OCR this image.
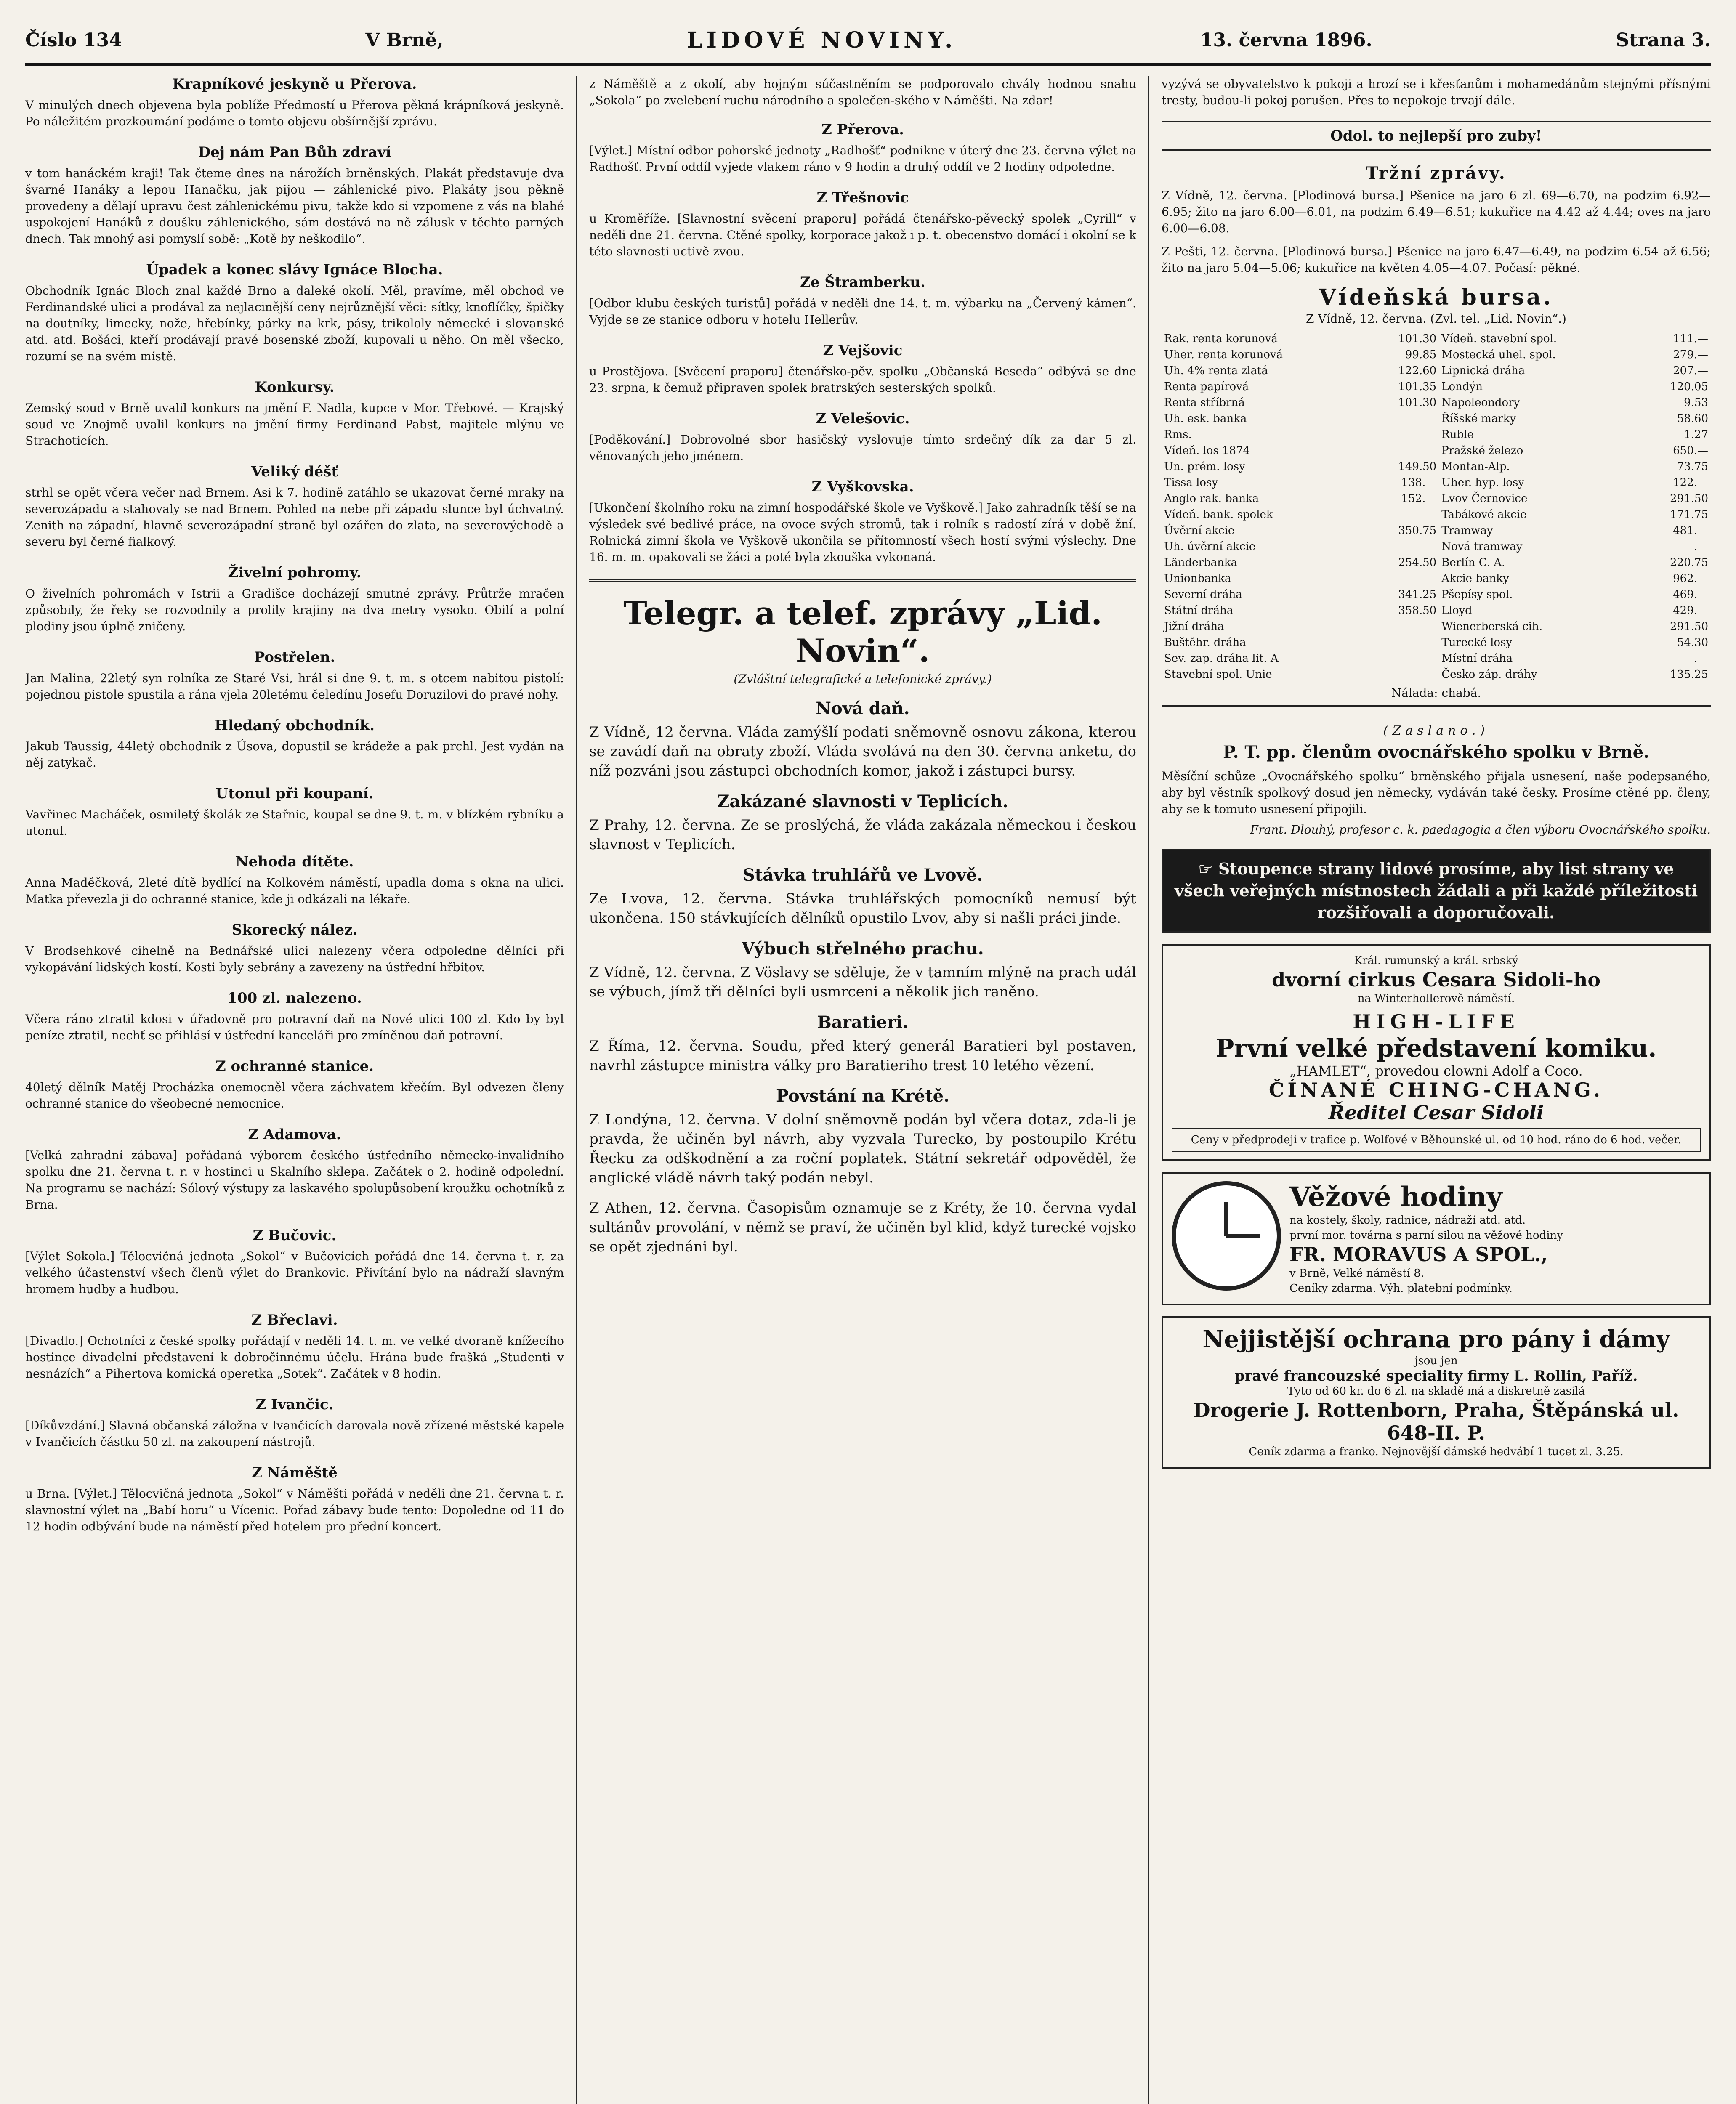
Číslo 134	V Brně,	LIDOVÉ NOVINY.	13. června 1896.	Strana 3.
Krapníkové jeskyně u Přerova.

V minulých dnech objevena byla poblíže Předmostí u Přerova pěkná krápníková jeskyně. Po náležitém prozkoumání podáme o tomto objevu obšírnější zprávu.

Dej nám Pan Bůh zdraví

v tom hanáckém kraji! Tak čteme dnes na nárožích brněnských. Plakát představuje dva švarné Hanáky a lepou Hanačku, jak pijou — záhlenické pivo. Plakáty jsou pěkně provedeny a dělají upravu čest záhlenickému pivu, takže kdo si vzpomene z vás na blahé uspokojení Hanáků z doušku záhlenického, sám dostává na ně zálusk v těchto parných dnech. Tak mnohý asi pomyslí sobě: „Kotě by neškodilo“.

Úpadek a konec slávy Ignáce Blocha.

Obchodník Ignác Bloch znal každé Brno a daleké okolí. Měl, pravíme, měl obchod ve Ferdinandské ulici a prodával za nejlacinější ceny nejrůznější věci: sítky, knoflíčky, špičky na doutníky, limecky, nože, hřebínky, párky na krk, pásy, trikololy německé i slovanské atd. atd. Bošáci, kteří prodávají pravé bosenské zboží, kupovali u něho. On měl všecko, rozumí se na svém místě.

Konkursy.

Zemský soud v Brně uvalil konkurs na jmění F. Nadla, kupce v Mor. Třebové. — Krajský soud ve Znojmě uvalil konkurs na jmění firmy Ferdinand Pabst, majitele mlýnu ve Strachoticích.

Veliký déšť

strhl se opět včera večer nad Brnem. Asi k 7. hodině zatáhlo se ukazovat černé mraky na severozápadu a stahovaly se nad Brnem. Pohled na nebe při západu slunce byl úchvatný. Zenith na západní, hlavně severozápadní straně byl ozářen do zlata, na severovýchodě a severu byl černé fialkový.

Živelní pohromy.

O živelních pohromách v Istrii a Gradišce docházejí smutné zprávy. Průtrže mračen způsobily, že řeky se rozvodnily a prolily krajiny na dva metry vysoko. Obilí a polní plodiny jsou úplně zničeny.

Postřelen.

Jan Malina, 22letý syn rolníka ze Staré Vsi, hrál si dne 9. t. m. s otcem nabitou pistolí: pojednou pistole spustila a rána vjela 20letému čeledínu Josefu Doruzilovi do pravé nohy.

Hledaný obchodník.

Jakub Taussig, 44letý obchodník z Úsova, dopustil se krádeže a pak prchl. Jest vydán na něj zatykač.

Utonul při koupaní.

Vavřinec Macháček, osmiletý školák ze Stařnic, koupal se dne 9. t. m. v blízkém rybníku a utonul.

Nehoda dítěte.

Anna Maděčková, 2leté dítě bydlící na Kolkovém náměstí, upadla doma s okna na ulici. Matka převezla ji do ochranné stanice, kde ji odkázali na lékaře.

Skorecký nález.

V Brodsehkové cihelně na Bednářské ulici nalezeny včera odpoledne dělníci při vykopávání lidských kostí. Kosti byly sebrány a zavezeny na ústřední hřbitov.

100 zl. nalezeno.

Včera ráno ztratil kdosi v úřadovně pro potravní daň na Nové ulici 100 zl. Kdo by byl peníze ztratil, nechť se přihlásí v ústřední kanceláři pro zmíněnou daň potravní.

Z ochranné stanice.

40letý dělník Matěj Procházka onemocněl včera záchvatem křečím. Byl odvezen členy ochranné stanice do všeobecné nemocnice.

Z Adamova.

[Velká zahradní zábava] pořádaná výborem českého ústředního německo-invalidního spolku dne 21. června t. r. v hostinci u Skalního sklepa. Začátek o 2. hodině odpolední. Na programu se nachází: Sólový výstupy za laskavého spolupůsobení kroužku ochotníků z Brna.

Z Bučovic.

[Výlet Sokola.] Tělocvičná jednota „Sokol“ v Bučovicích pořádá dne 14. června t. r. za velkého účastenství všech členů výlet do Brankovic. Přivítání bylo na nádraží slavným hromem hudby a hudbou.

Z Břeclavi.

[Divadlo.] Ochotníci z české spolky pořádají v neděli 14. t. m. ve velké dvoraně knížecího hostince divadelní představení k dobročinnému účelu. Hrána bude frašká „Studenti v nesnázích“ a Pihertova komická operetka „Sotek“. Začátek v 8 hodin.

Z Ivančic.

[Díkůvzdání.] Slavná občanská záložna v Ivančicích darovala nově zřízené městské kapele v Ivančicích částku 50 zl. na zakoupení nástrojů.

Z Náměště

u Brna. [Výlet.] Tělocvičná jednota „Sokol“ v Náměšti pořádá v neděli dne 21. června t. r. slavnostní výlet na „Babí horu“ u Vícenic. Pořad zábavy bude tento: Dopoledne od 11 do 12 hodin odbývání bude na náměstí před hotelem pro přední koncert.

z Náměště a z okolí, aby hojným súčastněním se podporovalo chvály hodnou snahu „Sokola“ po zvelebení ruchu národního a společen-ského v Náměšti. Na zdar!

Z Přerova.

[Výlet.] Místní odbor pohorské jednoty „Radhošť“ podnikne v úterý dne 23. června výlet na Radhošť. První oddíl vyjede vlakem ráno v 9 hodin a druhý oddíl ve 2 hodiny odpoledne.

Z Třešnovic

u Kroměříže. [Slavnostní svěcení praporu] pořádá čtenářsko-pěvecký spolek „Cyrill“ v neděli dne 21. června. Ctěné spolky, korporace jakož i p. t. obecenstvo domácí i okolní se k této slavnosti uctivě zvou.

Ze Štramberku.

[Odbor klubu českých turistů] pořádá v neděli dne 14. t. m. výbarku na „Červený kámen“. Vyjde se ze stanice odboru v hotelu Hellerův.

Z Vejšovic

u Prostějova. [Svěcení praporu] čtenářsko-pěv. spolku „Občanská Beseda“ odbývá se dne 23. srpna, k čemuž připraven spolek bratrských sesterských spolků.

Z Velešovic.

[Poděkování.] Dobrovolné sbor hasičský vyslovuje tímto srdečný dík za dar 5 zl. věnovaných jeho jménem.

Z Vyškovska.

[Ukončení školního roku na zimní hospodářské škole ve Vyškově.] Jako zahradník těší se na výsledek své bedlivé práce, na ovoce svých stromů, tak i rolník s radostí zírá v době žní. Rolnická zimní škola ve Vyškově ukončila se přítomností všech hostí svými výslechy. Dne 16. m. m. opakovali se žáci a poté byla zkouška vykonaná.

Telegr. a telef. zprávy „Lid. Novin“.
(Zvláštní telegrafické a telefonické zprávy.)
Nová daň.

Z Vídně, 12 června. Vláda zamýšlí podati sněmovně osnovu zákona, kterou se zavádí daň na obraty zboží. Vláda svolává na den 30. června anketu, do níž pozváni jsou zástupci obchodních komor, jakož i zástupci bursy.

Zakázané slavnosti v Teplicích.

Z Prahy, 12. června. Ze se proslýchá, že vláda zakázala německou i českou slavnost v Teplicích.

Stávka truhlářů ve Lvově.

Ze Lvova, 12. června. Stávka truhlářských pomocníků nemusí být ukončena. 150 stávkujících dělníků opustilo Lvov, aby si našli práci jinde.

Výbuch střelného prachu.

Z Vídně, 12. června. Z Vöslavy se sděluje, že v tamním mlýně na prach udál se výbuch, jímž tři dělníci byli usmrceni a několik jich raněno.

Baratieri.

Z Říma, 12. června. Soudu, před který generál Baratieri byl postaven, navrhl zástupce ministra války pro Baratieriho trest 10 letého vězení.

Povstání na Krétě.

Z Londýna, 12. června. V dolní sněmovně podán byl včera dotaz, zda-li je pravda, že učiněn byl návrh, aby vyzvala Turecko, by postoupilo Krétu Řecku za odškodnění a za roční poplatek. Státní sekretář odpověděl, že anglické vládě návrh taký podán nebyl.

Z Athen, 12. června. Časopisům oznamuje se z Kréty, že 10. června vydal sultánův provolání, v němž se praví, že učiněn byl klid, když turecké vojsko se opět zjednáni byl.

vyzývá se obyvatelstvo k pokoji a hrozí se i křesťanům i mohamedánům stejnými přísnými tresty, budou-li pokoj porušen. Přes to nepokoje trvají dále.

Odol. to nejlepší pro zuby!
Tržní zprávy.

Z Vídně, 12. června. [Plodinová bursa.] Pšenice na jaro 6 zl. 69—6.70, na podzim 6.92—6.95; žito na jaro 6.00—6.01, na podzim 6.49—6.51; kukuřice na 4.42 až 4.44; oves na jaro 6.00—6.08.

Z Pešti, 12. června. [Plodinová bursa.] Pšenice na jaro 6.47—6.49, na podzim 6.54 až 6.56; žito na jaro 5.04—5.06; kukuřice na květen 4.05—4.07. Počasí: pěkné.

Vídeňská bursa.
Z Vídně, 12. června. (Zvl. tel. „Lid. Novin“.)
Rak. renta korunová	101.30	Vídeň. stavební spol.	111.—
Uher. renta korunová	99.85	Mostecká uhel. spol.	279.—
Uh. 4% renta zlatá	122.60	Lipnická dráha	207.—
Renta papírová	101.35	Londýn	120.05
Renta stříbrná	101.30	Napoleondory	9.53
Uh. esk. banka		Říšské marky	58.60
Rms.		Ruble	1.27
Vídeň. los 1874		Pražské železo	650.—
Un. prém. losy	149.50	Montan-Alp.	73.75
Tissa losy	138.—	Uher. hyp. losy	122.—
Anglo-rak. banka	152.—	Lvov-Černovice	291.50
Vídeň. bank. spolek		Tabákové akcie	171.75
Úvěrní akcie	350.75	Tramway	481.—
Uh. úvěrní akcie		Nová tramway	—.—
Länderbanka	254.50	Berlín C. A.	220.75
Unionbanka		Akcie banky	962.—
Severní dráha	341.25	Pšepísy spol.	469.—
Státní dráha	358.50	Lloyd	429.—
Jižní dráha		Wienerberská cih.	291.50
Buštěhr. dráha		Turecké losy	54.30
Sev.-zap. dráha lit. A		Místní dráha	—.—
Stavební spol. Unie		Česko-záp. dráhy	135.25
Nálada: chabá.
(Zaslano.)
P. T. pp. členům ovocnářského spolku v Brně.

Měsíční schůze „Ovocnářského spolku“ brněnského přijala usnesení, naše podepsaného, aby byl věstník spolkový dosud jen německy, vydáván také česky. Prosíme ctěné pp. členy, aby se k tomuto usnesení připojili.

Frant. Dlouhý, profesor c. k. paedagogia a člen výboru Ovocnářského spolku.

☞ Stoupence strany lidové prosíme, aby list strany ve všech veřejných místnostech žádali a při každé příležitosti rozšiřovali a doporučovali.
Král. rumunský a král. srbský
dvorní cirkus Cesara Sidoli-ho
na Winterhollerově náměstí.
HIGH-LIFE
První velké představení komiku.
„HAMLET“, provedou clowni Adolf a Coco.
ČÍNANÉ CHING-CHANG.
Ředitel Cesar Sidoli
Ceny v předprodeji v trafice p. Wolfové v Běhounské ul. od 10 hod. ráno do 6 hod. večer.
Věžové hodiny
na kostely, školy, radnice, nádraží atd. atd.
první mor. továrna s parní silou na věžové hodiny
FR. MORAVUS A SPOL.,
v Brně, Velké náměstí 8.
Ceníky zdarma. Výh. platební podmínky.
Nejjistější ochrana pro pány i dámy
jsou jen
pravé francouzské speciality firmy L. Rollin, Paříž.
Tyto od 60 kr. do 6 zl. na skladě má a diskretně zasílá
Drogerie J. Rottenborn, Praha, Štěpánská ul. 648-II. P.
Ceník zdarma a franko. Nejnovější dámské hedvábí 1 tucet zl. 3.25.
